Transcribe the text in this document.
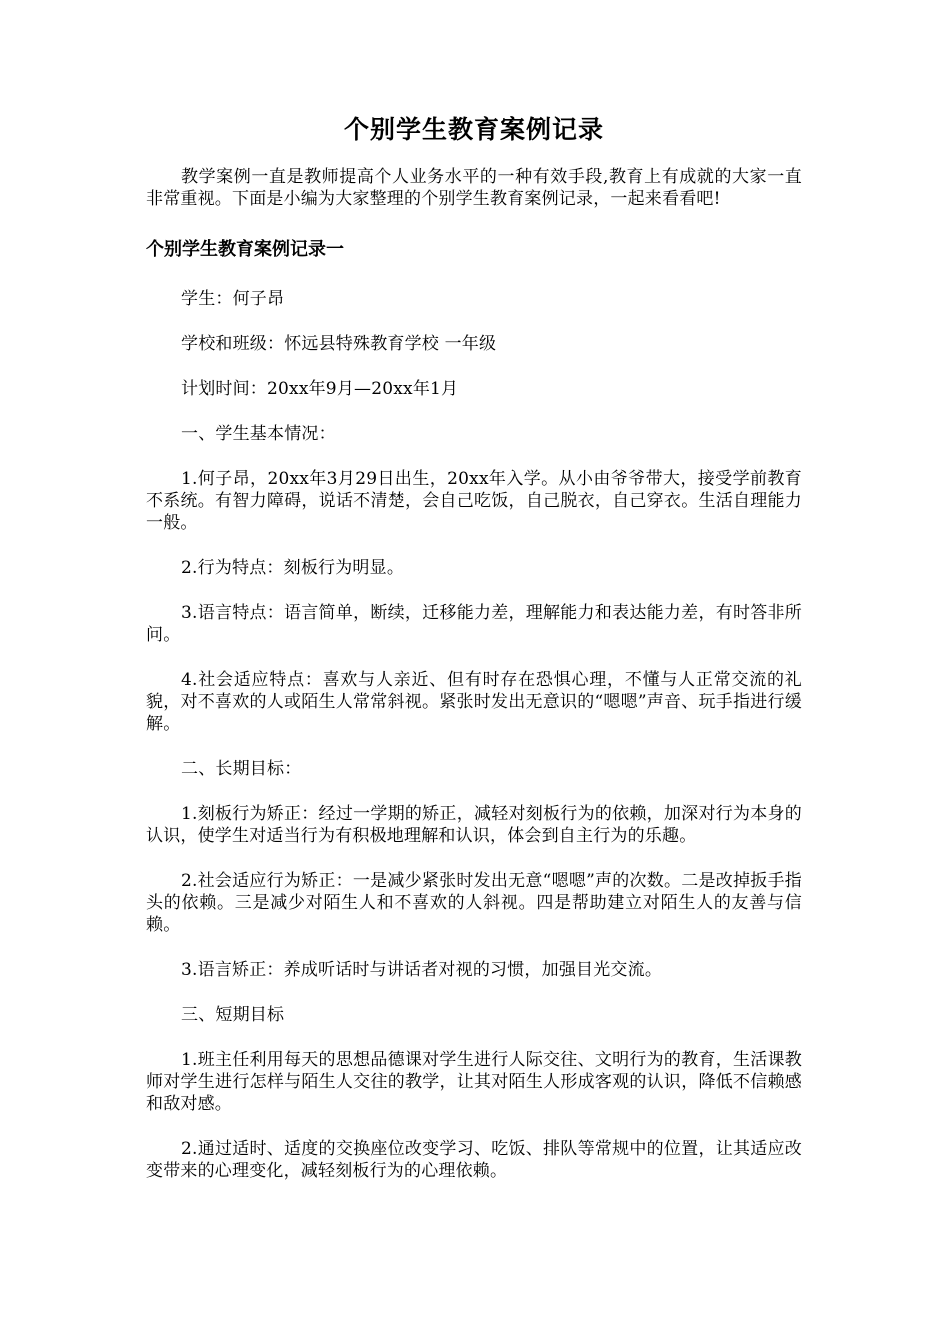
个别学生教育案例记录

教学案例一直是教师提高个人业务水平的一种有效手段,教育上有成就的大家一直非常重视。下面是小编为大家整理的个别学生教育案例记录，一起来看看吧!

个别学生教育案例记录一

学生：何子昂

学校和班级：怀远县特殊教育学校 一年级

计划时间：20xx年9月—20xx年1月

一、学生基本情况：

1.何子昂，20xx年3月29日出生，20xx年入学。从小由爷爷带大，接受学前教育不系统。有智力障碍，说话不清楚，会自己吃饭，自己脱衣，自己穿衣。生活自理能力一般。

2.行为特点：刻板行为明显。

3.语言特点：语言简单，断续，迁移能力差，理解能力和表达能力差，有时答非所问。

4.社会适应特点：喜欢与人亲近、但有时存在恐惧心理，不懂与人正常交流的礼貌，对不喜欢的人或陌生人常常斜视。紧张时发出无意识的“嗯嗯”声音、玩手指进行缓解。

二、长期目标：

1.刻板行为矫正：经过一学期的矫正，减轻对刻板行为的依赖，加深对行为本身的认识，使学生对适当行为有积极地理解和认识，体会到自主行为的乐趣。

2.社会适应行为矫正：一是减少紧张时发出无意“嗯嗯”声的次数。二是改掉扳手指头的依赖。三是减少对陌生人和不喜欢的人斜视。四是帮助建立对陌生人的友善与信赖。

3.语言矫正：养成听话时与讲话者对视的习惯，加强目光交流。

三、短期目标

1.班主任利用每天的思想品德课对学生进行人际交往、文明行为的教育，生活课教师对学生进行怎样与陌生人交往的教学，让其对陌生人形成客观的认识，降低不信赖感和敌对感。

2.通过适时、适度的交换座位改变学习、吃饭、排队等常规中的位置，让其适应改变带来的心理变化，减轻刻板行为的心理依赖。
